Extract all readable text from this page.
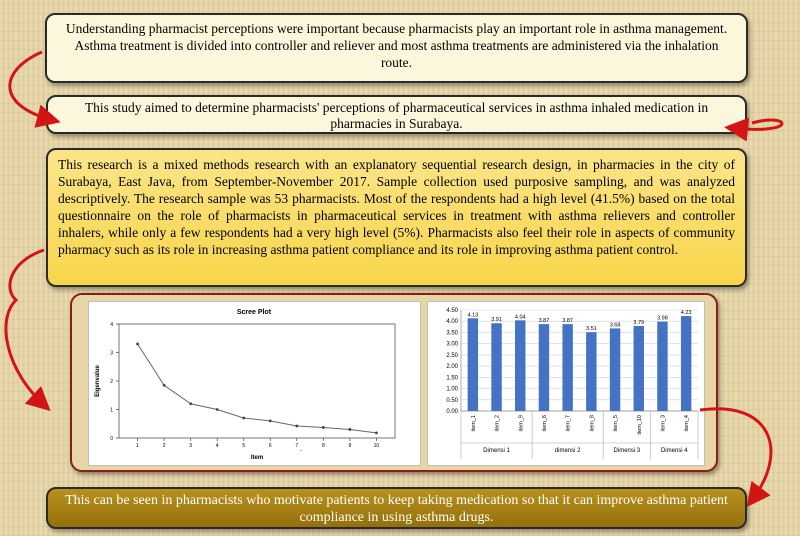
Understanding pharmacist perceptions were important because pharmacists play an important role in asthma management. Asthma treatment is divided into controller and reliever and most asthma treatments are administered via the inhalation route.
This study aimed to determine pharmacists' perceptions of pharmaceutical services in asthma inhaled medication in pharmacies in Surabaya.
This research is a mixed methods research with an explanatory sequential research design, in pharmacies in the city of Surabaya, East Java, from September-November 2017. Sample collection used purposive sampling, and was analyzed descriptively. The research sample was 53 pharmacists. Most of the respondents had a high level (41.5%) based on the total questionnaire on the role of pharmacists in pharmaceutical services in treatment with asthma relievers and controller inhalers, while only a few respondents had a very high level (5%). Pharmacists also feel their role in aspects of community pharmacy such as its role in increasing asthma patient compliance and its role in improving asthma patient control.
Scree Plot
0
1
2
3
4
1	2	3	4	5	6	7	8	9	10
Item
Eigenvalue
-
0.00
0.50
1.00
1.50
2.00
2.50
3.00
3.50
4.00
4.50
4.13
item_1
3.91
item_2
4.04
item_9
3.87
item_6
3.87
item_7
3.51
item_8
3.68
item_5
3.79
item_10
3.98
item_3
4.23
item_4
Dimensi 1	dimensi 2	Dimensi 3	Dimensi 4
This can be seen in pharmacists who motivate patients to keep taking medication so that it can improve asthma patient compliance in using asthma drugs.
